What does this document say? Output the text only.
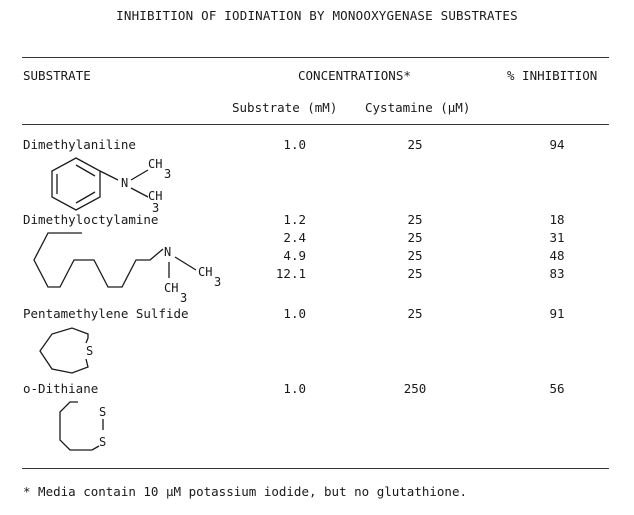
INHIBITION OF IODINATION BY MONOOXYGENASE SUBSTRATES
SUBSTRATE	CONCENTRATIONS*	% INHIBITION
Substrate (mM) Cystamine (μM)
Dimethylaniline	1.0	25	94
N
CH
3
CH
3
Dimethyloctylamine	1.2	25	18
2.4	25	31
4.9	25	48
12.1	25	83
N
CH
3
CH
3
Pentamethylene Sulfide	1.0	25	91
S
o-Dithiane	1.0	250	56
S
S
* Media contain 10 μM potassium iodide, but no glutathione.
